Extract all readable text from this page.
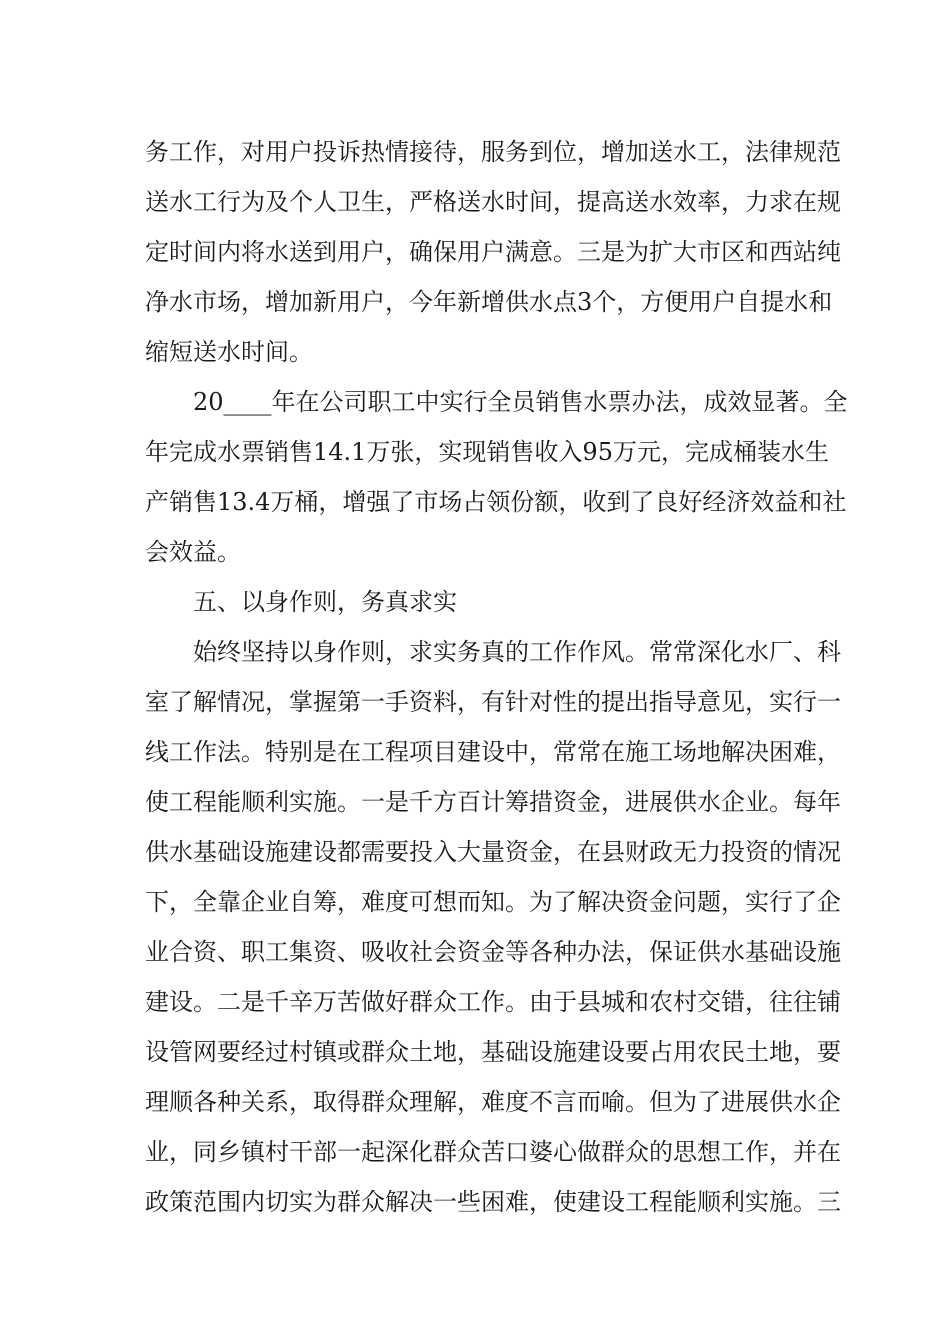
务工作，对用户投诉热情接待，服务到位，增加送水工，法律规范
送水工行为及个人卫生，严格送水时间，提高送水效率，力求在规
定时间内将水送到用户，确保用户满意。三是为扩大市区和西站纯
净水市场，增加新用户，今年新增供水点3个，方便用户自提水和
缩短送水时间。
20____年在公司职工中实行全员销售水票办法，成效显著。全
年完成水票销售14.1万张，实现销售收入95万元，完成桶装水生
产销售13.4万桶，增强了市场占领份额，收到了良好经济效益和社
会效益。
五、以身作则，务真求实
始终坚持以身作则，求实务真的工作作风。常常深化水厂、科
室了解情况，掌握第一手资料，有针对性的提出指导意见，实行一
线工作法。特别是在工程项目建设中，常常在施工场地解决困难，
使工程能顺利实施。一是千方百计筹措资金，进展供水企业。每年
供水基础设施建设都需要投入大量资金，在县财政无力投资的情况
下，全靠企业自筹，难度可想而知。为了解决资金问题，实行了企
业合资、职工集资、吸收社会资金等各种办法，保证供水基础设施
建设。二是千辛万苦做好群众工作。由于县城和农村交错，往往铺
设管网要经过村镇或群众土地，基础设施建设要占用农民土地，要
理顺各种关系，取得群众理解，难度不言而喻。但为了进展供水企
业，同乡镇村干部一起深化群众苦口婆心做群众的思想工作，并在
政策范围内切实为群众解决一些困难，使建设工程能顺利实施。三
